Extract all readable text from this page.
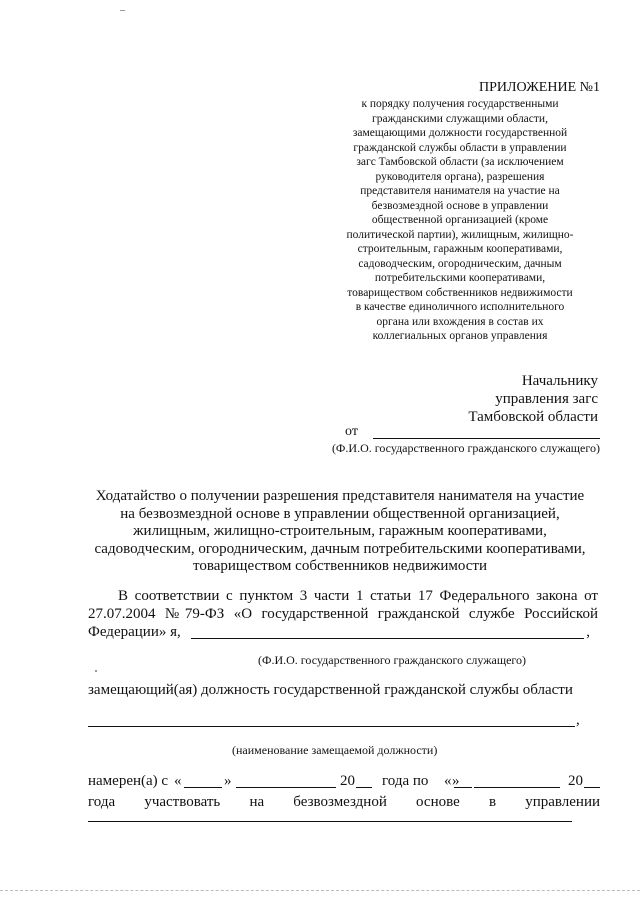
ПРИЛОЖЕНИЕ №1
к порядку получения государственными
гражданскими служащими области,
замещающими должности государственной
гражданской службы области в управлении
загс Тамбовской области (за исключением
руководителя органа), разрешения
представителя нанимателя на участие на
безвозмездной основе в управлении
общественной организацией (кроме
политической партии), жилищным, жилищно-
строительным, гаражным кооперативами,
садоводческим, огородническим, дачным
потребительскими кооперативами,
товариществом собственников недвижимости
в качестве единоличного исполнительного
органа или вхождения в состав их
коллегиальных органов управления
Начальнику
управления загс
Тамбовской области
от
(Ф.И.О. государственного гражданского служащего)
Ходатайство о получении разрешения представителя нанимателя на участие
на безвозмездной основе в управлении общественной организацией,
жилищным, жилищно-строительным, гаражным кооперативами,
садоводческим, огородническим, дачным потребительскими кооперативами,
товариществом собственников недвижимости
В соответствии с пунктом 3 части 1 статьи 17 Федерального закона от
27.07.2004 №79-ФЗ «О государственной гражданской службе Российской
Федерации» я,	,
(Ф.И.О. государственного гражданского служащего)
замещающий(ая) должность государственной гражданской службы области
,
(наименование замещаемой должности)
намерен(а) с «	»	20 года по « »	20
года участвовать на безвозмездной основе в управлении
